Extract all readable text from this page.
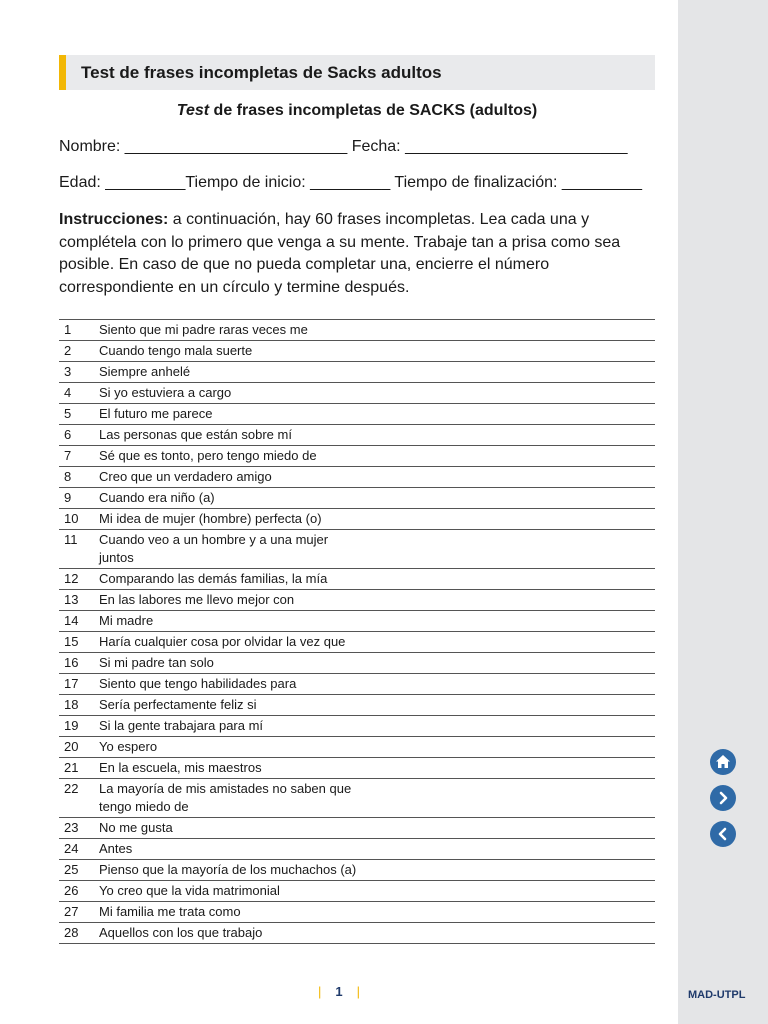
Test de frases incompletas de Sacks adultos
Test de frases incompletas de SACKS (adultos)
Nombre: _________________________ Fecha: _________________________
Edad: _________Tiempo de inicio: _________ Tiempo de finalización: _________
Instrucciones: a continuación, hay 60 frases incompletas. Lea cada una y complétela con lo primero que venga a su mente. Trabaje tan a prisa como sea posible. En caso de que no pueda completar una, encierre el número correspondiente en un círculo y termine después.
1	Siento que mi padre raras veces me
2	Cuando tengo mala suerte
3	Siempre anhelé
4	Si yo estuviera a cargo
5	El futuro me parece
6	Las personas que están sobre mí
7	Sé que es tonto, pero tengo miedo de
8	Creo que un verdadero amigo
9	Cuando era niño (a)
10	Mi idea de mujer (hombre) perfecta (o)
11	Cuando veo a un hombre y a una mujer juntos
12	Comparando las demás familias, la mía
13	En las labores me llevo mejor con
14	Mi madre
15	Haría cualquier cosa por olvidar la vez que
16	Si mi padre tan solo
17	Siento que tengo habilidades para
18	Sería perfectamente feliz si
19	Si la gente trabajara para mí
20	Yo espero
21	En la escuela, mis maestros
22	La mayoría de mis amistades no saben que tengo miedo de
23	No me gusta
24	Antes
25	Pienso que la mayoría de los muchachos (a)
26	Yo creo que la vida matrimonial
27	Mi familia me trata como
28	Aquellos con los que trabajo
| 1 |	MAD-UTPL
